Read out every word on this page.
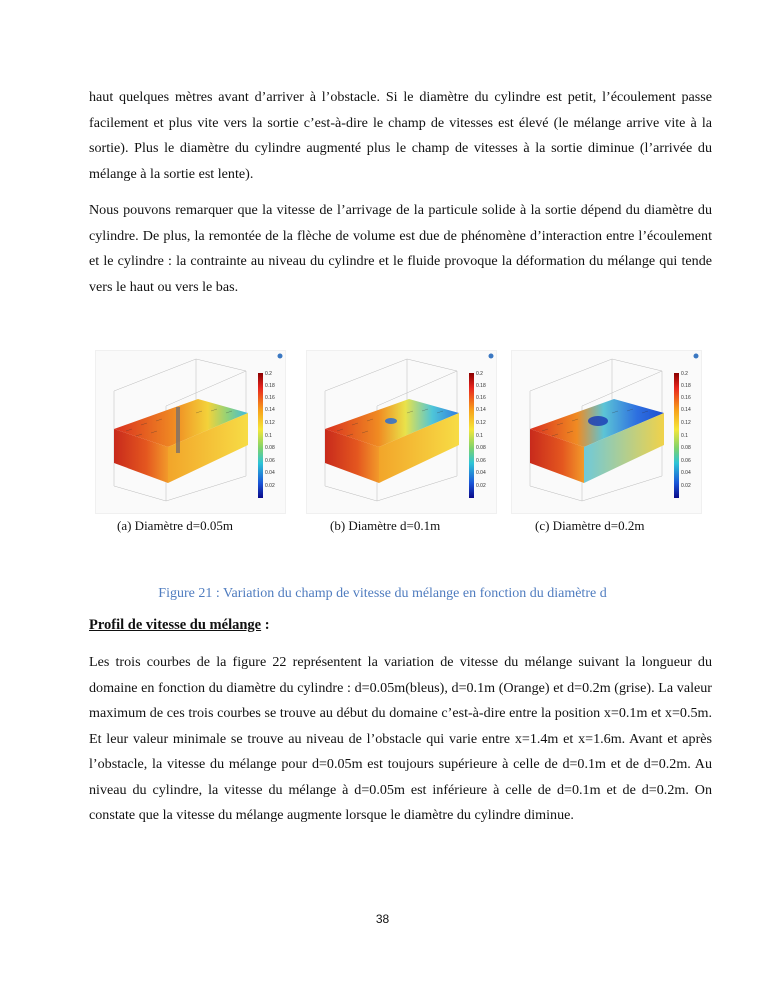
haut quelques mètres avant d’arriver à l’obstacle. Si le diamètre du cylindre est petit, l’écoulement passe facilement et plus vite vers la sortie c’est-à-dire le champ de vitesses est élevé (le mélange arrive vite à la sortie). Plus le diamètre du cylindre augmenté plus le champ de vitesses à la sortie diminue (l’arrivée du mélange à la sortie est lente).
Nous pouvons remarquer que la vitesse de l’arrivage de la particule solide à la sortie dépend du diamètre du cylindre. De plus, la remontée de la flèche de volume est due de phénomène d’interaction entre l’écoulement et le cylindre : la contrainte au niveau du cylindre et le fluide provoque la déformation du mélange qui tende vers le haut ou vers le bas.
0.2
0.18
0.16
0.14
0.12
0.1
0.08
0.06
0.04
0.02
(a) Diamètre d=0.05m
0.2
0.18
0.16
0.14
0.12
0.1
0.08
0.06
0.04
0.02
(b) Diamètre d=0.1m
0.2
0.18
0.16
0.14
0.12
0.1
0.08
0.06
0.04
0.02
(c) Diamètre d=0.2m
Figure 21 : Variation du champ de vitesse du mélange en fonction du diamètre d
Profil de vitesse du mélange :
Les trois courbes de la figure 22 représentent la variation de vitesse du mélange suivant la longueur du domaine en fonction du diamètre du cylindre : d=0.05m(bleus), d=0.1m (Orange) et d=0.2m (grise). La valeur maximum de ces trois courbes se trouve au début du domaine c’est-à-dire entre la position x=0.1m et x=0.5m. Et leur valeur minimale se trouve au niveau de l’obstacle qui varie entre x=1.4m et x=1.6m. Avant et après l’obstacle, la vitesse du mélange pour d=0.05m est toujours supérieure à celle de d=0.1m et de d=0.2m. Au niveau du cylindre, la vitesse du mélange à d=0.05m est inférieure à celle de d=0.1m et de d=0.2m. On constate que la vitesse du mélange augmente lorsque le diamètre du cylindre diminue.
38
